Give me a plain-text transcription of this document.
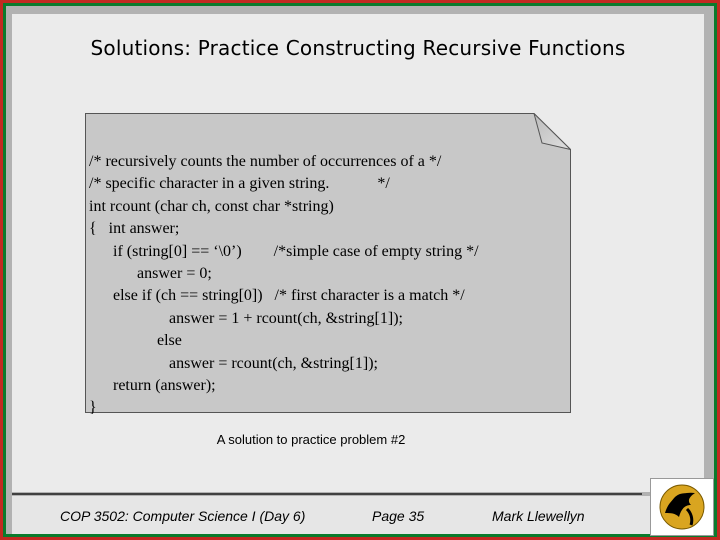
Solutions: Practice Constructing Recursive Functions
/* recursively counts the number of occurrences of a */
/* specific character in a given string.            */
int rcount (char ch, const char *string)
{   int answer;
if (string[0] == ‘\0’)        /*simple case of empty string */
answer = 0;
else if (ch == string[0])   /* first character is a match */
answer = 1 + rcount(ch, &string[1]);
else
answer = rcount(ch, &string[1]);
return (answer);
}
A solution to practice problem #2
COP 3502: Computer Science I (Day 6)	Page 35	Mark Llewellyn
